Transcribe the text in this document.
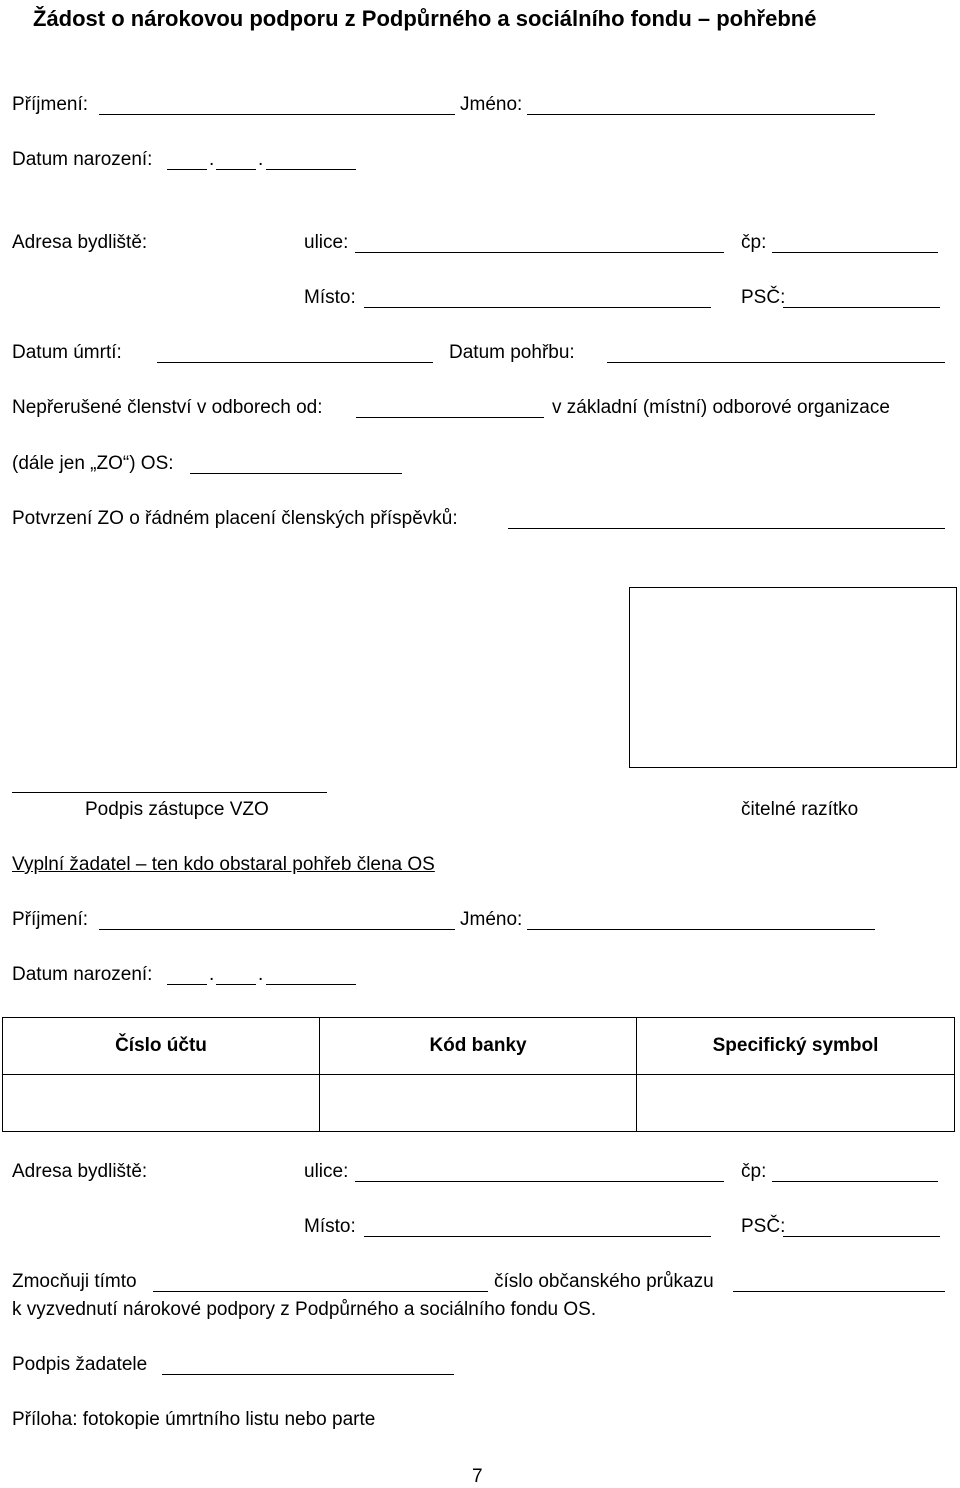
Žádost o nárokovou podporu z Podpůrného a sociálního fondu – pohřebné
Příjmení:	Jméno:
Datum narození:	. .
Adresa bydliště:	ulice:	čp:
Místo:	PSČ:
Datum úmrtí:	Datum pohřbu:
Nepřerušené členství v odborech od:	v základní (místní) odborové organizace
(dále jen „ZO“) OS:
Potvrzení ZO o řádném placení členských příspěvků:
Podpis zástupce VZO	čitelné razítko
Vyplní žadatel – ten kdo obstaral pohřeb člena OS
Příjmení:	Jméno:
Datum narození:	. .
Číslo účtu	Kód banky	Specifický symbol

Adresa bydliště:	ulice:	čp:
Místo:	PSČ:
Zmocňuji tímto	číslo občanského průkazu
k vyzvednutí nárokové podpory z Podpůrného a sociálního fondu OS.
Podpis žadatele
Příloha: fotokopie úmrtního listu nebo parte
7
